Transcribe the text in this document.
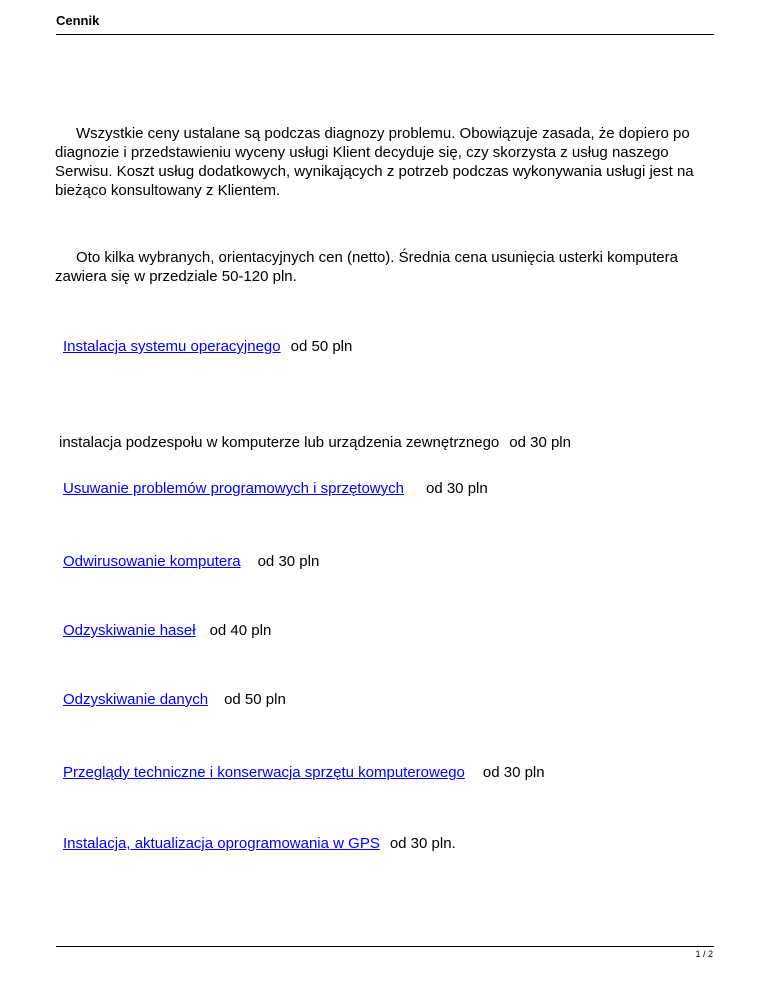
Cennik

Wszystkie ceny ustalane są podczas diagnozy problemu. Obowiązuje zasada, że dopiero po diagnozie i przedstawieniu wyceny usługi Klient decyduje się, czy skorzysta z usług naszego Serwisu. Koszt usług dodatkowych, wynikających z potrzeb podczas wykonywania usługi jest na bieżąco konsultowany z Klientem.

Oto kilka wybranych, orientacyjnych cen (netto). Średnia cena usunięcia usterki komputera zawiera się w przedziale 50-120 pln.

Instalacja systemu operacyjnego od 50 pln
instalacja podzespołu w komputerze lub urządzenia zewnętrznego od 30 pln
Usuwanie problemów programowych i sprzętowych od 30 pln
Odwirusowanie komputera od 30 pln
Odzyskiwanie haseł od 40 pln
Odzyskiwanie danych od 50 pln
Przeglądy techniczne i konserwacja sprzętu komputerowego od 30 pln
Instalacja, aktualizacja oprogramowania w GPS od 30 pln.
1 / 2
